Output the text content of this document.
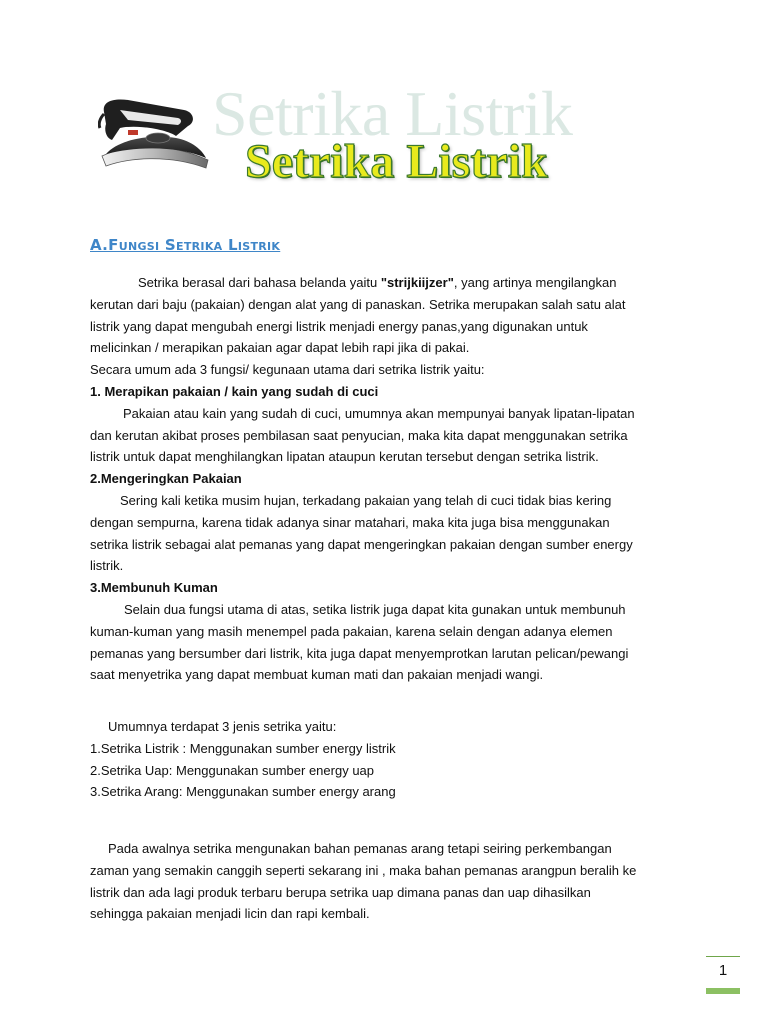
Setrika Listrik
Setrika Listrik
A.Fungsi Setrika Listrik
Setrika berasal dari bahasa belanda yaitu "strijkiijzer", yang artinya mengilangkan
kerutan dari baju (pakaian) dengan alat yang di panaskan. Setrika merupakan salah satu alat
listrik yang dapat mengubah energi listrik menjadi energy panas,yang digunakan untuk
melicinkan / merapikan pakaian agar dapat lebih rapi jika di pakai.
Secara umum ada 3 fungsi/ kegunaan utama dari setrika listrik yaitu:
1. Merapikan pakaian / kain yang sudah di cuci
Pakaian atau kain yang sudah di cuci, umumnya akan mempunyai banyak lipatan-lipatan
dan kerutan akibat proses pembilasan saat penyucian, maka kita dapat menggunakan setrika
listrik untuk dapat menghilangkan lipatan ataupun kerutan tersebut dengan setrika listrik.
2.Mengeringkan Pakaian
Sering kali ketika musim hujan, terkadang pakaian yang telah di cuci tidak bias kering
dengan sempurna, karena tidak adanya sinar matahari, maka kita juga bisa menggunakan
setrika listrik sebagai alat pemanas yang dapat mengeringkan pakaian dengan sumber energy
listrik.
3.Membunuh Kuman
Selain dua fungsi utama di atas, setika listrik juga dapat kita gunakan untuk membunuh
kuman-kuman yang masih menempel pada pakaian, karena selain dengan adanya elemen
pemanas yang bersumber dari listrik, kita juga dapat menyemprotkan larutan pelican/pewangi
saat menyetrika yang dapat membuat kuman mati dan pakaian menjadi wangi.
Umumnya terdapat 3 jenis setrika yaitu:
1.Setrika Listrik : Menggunakan sumber energy listrik
2.Setrika Uap: Menggunakan sumber energy uap
3.Setrika Arang: Menggunakan sumber energy arang
Pada awalnya setrika mengunakan bahan pemanas arang tetapi seiring perkembangan
zaman yang semakin canggih seperti sekarang ini , maka bahan pemanas arangpun beralih ke
listrik dan ada lagi produk terbaru berupa setrika uap dimana panas dan uap dihasilkan
sehingga pakaian menjadi licin dan rapi kembali.
1
